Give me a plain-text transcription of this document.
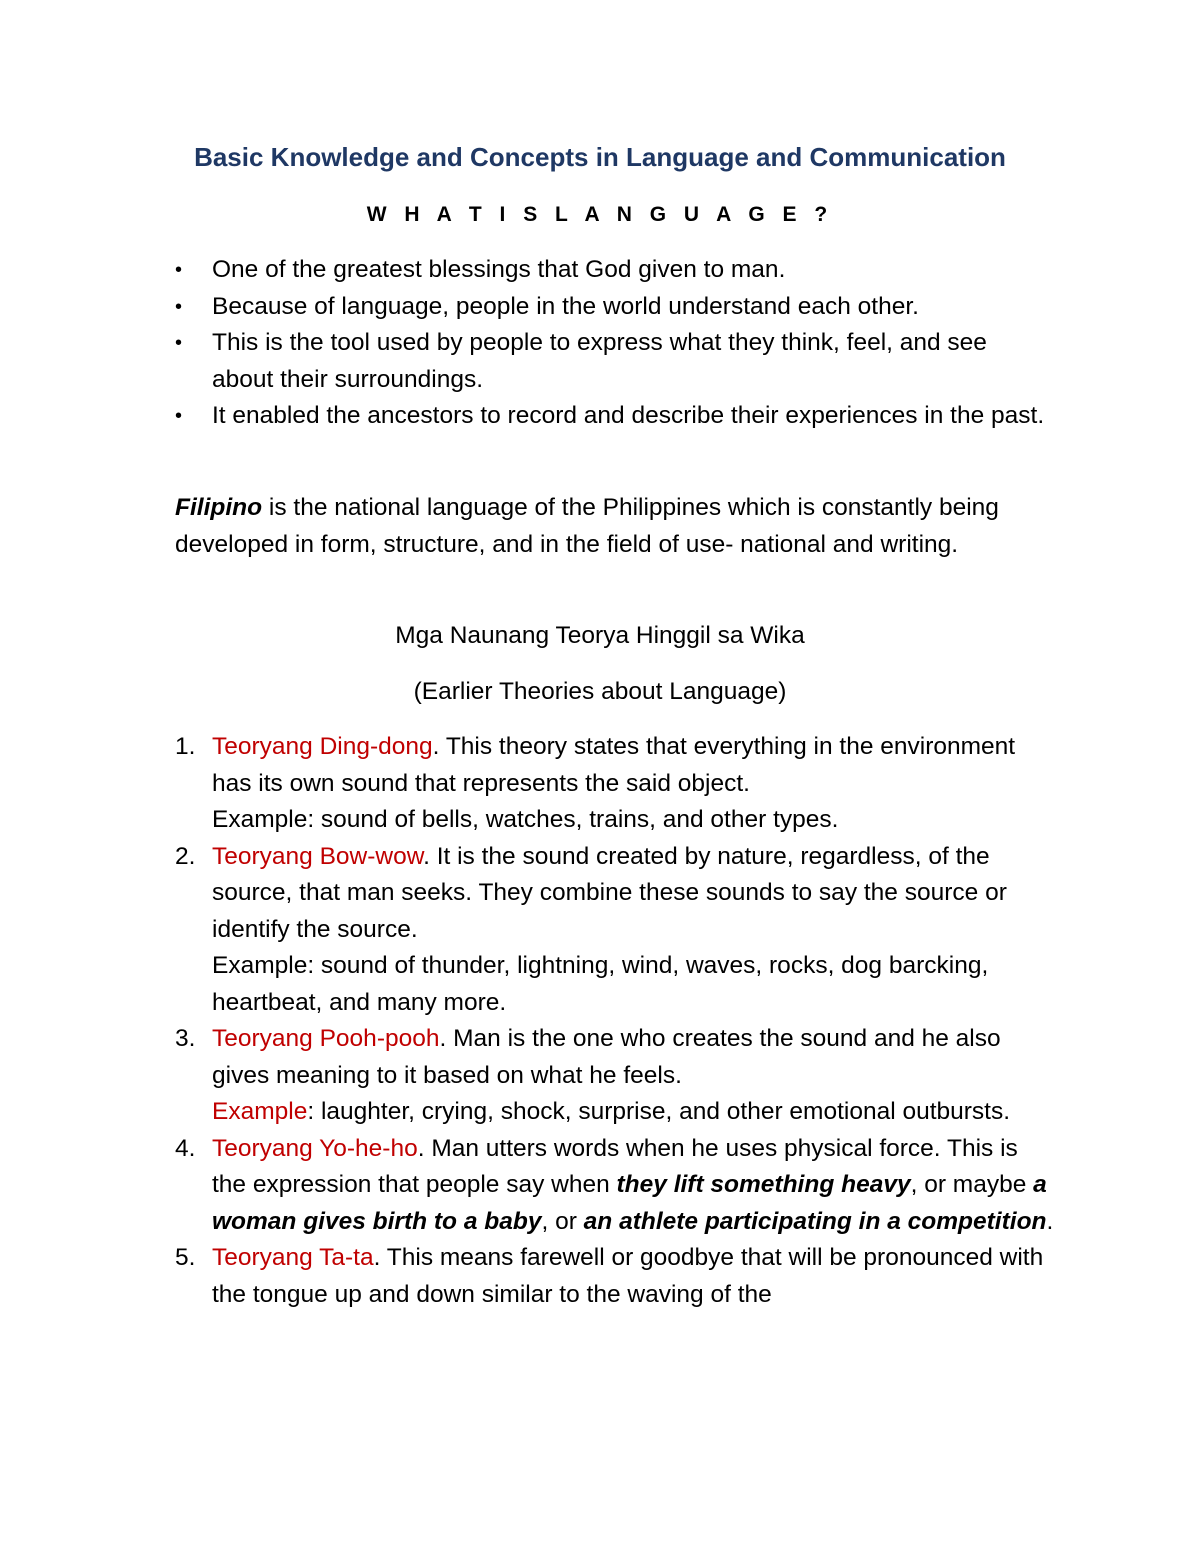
Basic Knowledge and Concepts in Language and Communication
W H A T I S L A N G U A G E ?
•	One of the greatest blessings that God given to man.
•	Because of language, people in the world understand each other.
•	This is the tool used by people to express what they think, feel, and see about their surroundings.
•	It enabled the ancestors to record and describe their experiences in the past.

Filipino is the national language of the Philippines which is constantly being developed in form, structure, and in the field of use- national and writing.

Mga Naunang Teorya Hinggil sa Wika

(Earlier Theories about Language)

1. Teoryang Ding-dong. This theory states that everything in the environment has its own sound that represents the said object.
Example: sound of bells, watches, trains, and other types.
2. Teoryang Bow-wow. It is the sound created by nature, regardless, of the source, that man seeks. They combine these sounds to say the source or identify the source.
Example: sound of thunder, lightning, wind, waves, rocks, dog barcking, heartbeat, and many more.
3. Teoryang Pooh-pooh. Man is the one who creates the sound and he also gives meaning to it based on what he feels.
Example: laughter, crying, shock, surprise, and other emotional outbursts.
4. Teoryang Yo-he-ho. Man utters words when he uses physical force. This is the expression that people say when they lift something heavy, or maybe a woman gives birth to a baby, or an athlete participating in a competition.
5. Teoryang Ta-ta. This means farewell or goodbye that will be pronounced with the tongue up and down similar to the waving of the
